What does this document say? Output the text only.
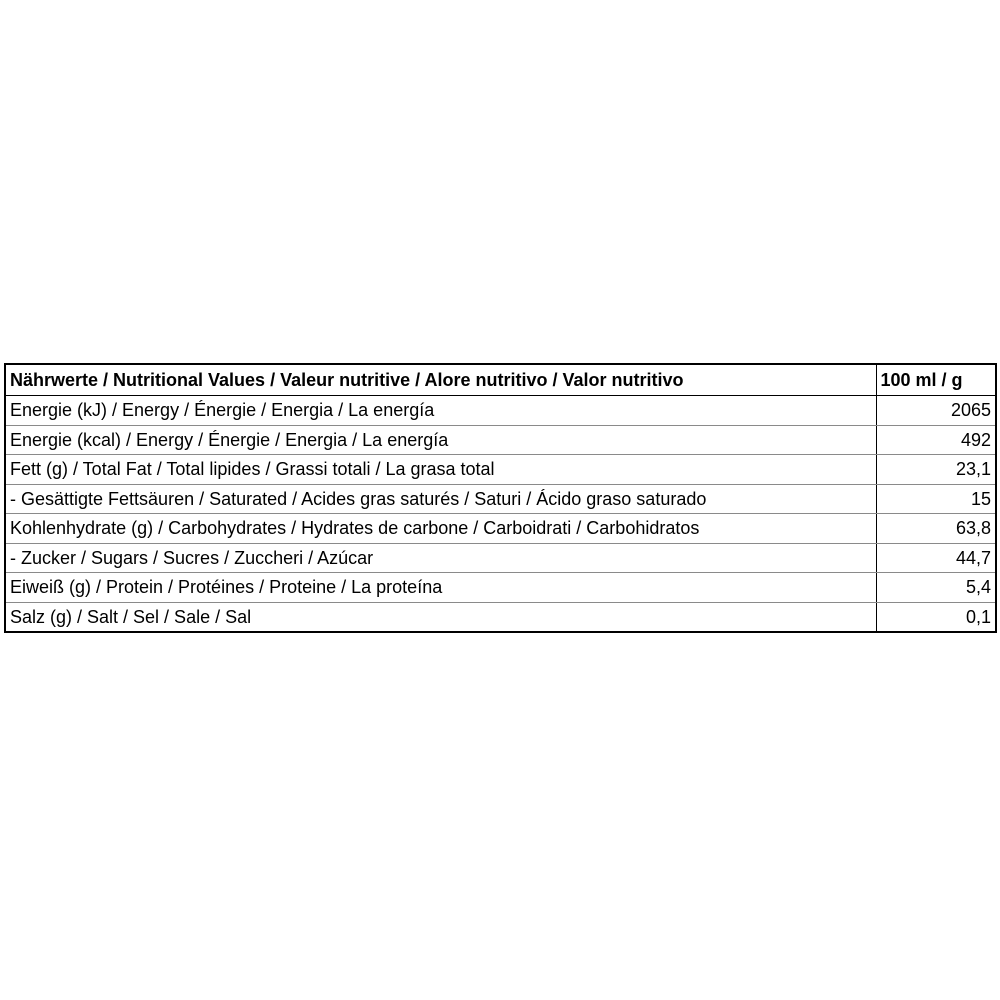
Nährwerte / Nutritional Values / Valeur nutritive / Alore nutritivo / Valor nutritivo	100 ml / g
Energie (kJ) / Energy / Énergie / Energia / La energía	2065
Energie (kcal) / Energy / Énergie / Energia / La energía	492
Fett (g) / Total Fat / Total lipides / Grassi totali / La grasa total	23,1
- Gesättigte Fettsäuren / Saturated / Acides gras saturés / Saturi / Ácido graso saturado	15
Kohlenhydrate (g) / Carbohydrates / Hydrates de carbone / Carboidrati / Carbohidratos	63,8
- Zucker / Sugars / Sucres / Zuccheri / Azúcar	44,7
Eiweiß (g) / Protein / Protéines / Proteine / La proteína	5,4
Salz (g) / Salt / Sel / Sale / Sal	0,1
